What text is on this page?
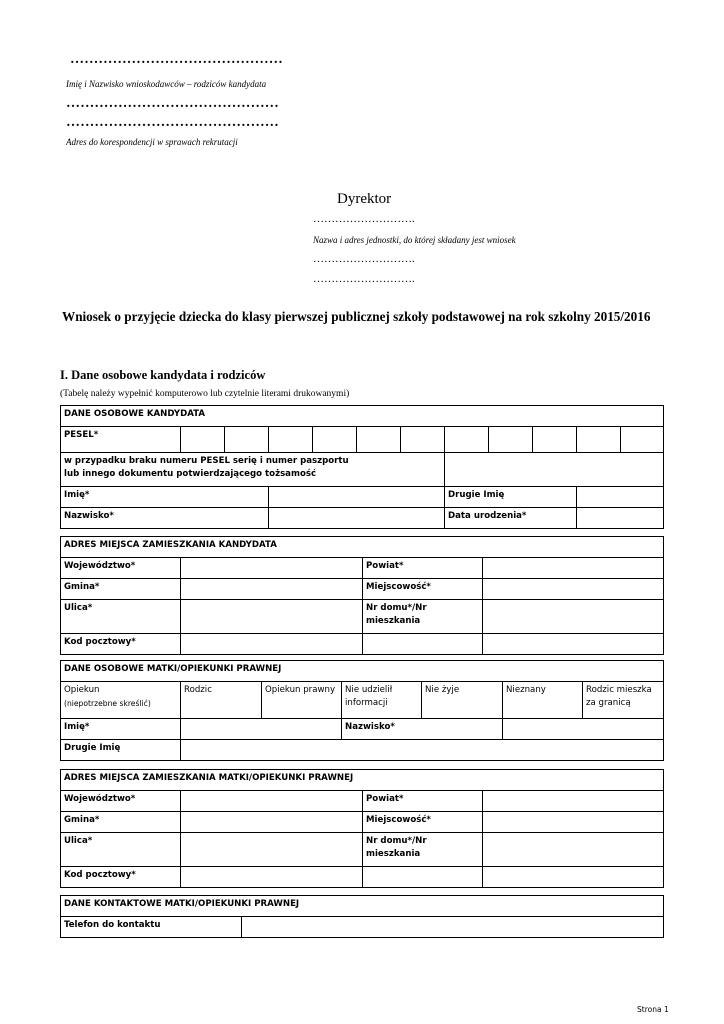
………………………………………
Imię i Nazwisko wnioskodawców – rodziców kandydata
………………………………………
………………………………………
Adres do korespondencji w sprawach rekrutacji
Dyrektor
……………………….
Nazwa i adres jednostki, do której składany jest wniosek
……………………….
……………………….
Wniosek o przyjęcie dziecka do klasy pierwszej publicznej szkoły podstawowej na rok szkolny 2015/2016
I. Dane osobowe kandydata i rodziców
(Tabelę należy wypełnić komputerowo lub czytelnie literami drukowanymi)
DANE OSOBOWE KANDYDATA											
PESEL*											
w przypadku braku numeru PESEL serię i numer paszportu
lub innego dokumentu potwierdzającego tożsamość											
Imię*							Drugie Imię				
Nazwisko*							Data urodzenia*				
ADRES MIEJSCA ZAMIESZKANIA KANDYDATA			
Województwo*		Powiat*	
Gmina*		Miejscowość*	
Ulica*		Nr domu*/Nr
mieszkania	
Kod pocztowy*			
DANE OSOBOWE MATKI/OPIEKUNKI PRAWNEJ						
Opiekun
(niepotrzebne skreślić)	Rodzic	Opiekun prawny	Nie udzielił informacji	Nie żyje	Nieznany	Rodzic mieszka za granicą
Imię*			Nazwisko*			
Drugie Imię						
ADRES MIEJSCA ZAMIESZKANIA MATKI/OPIEKUNKI PRAWNEJ			
Województwo*		Powiat*	
Gmina*		Miejscowość*	
Ulica*		Nr domu*/Nr
mieszkania	
Kod pocztowy*			
DANE KONTAKTOWE MATKI/OPIEKUNKI PRAWNEJ
Telefon do kontaktu	
Strona 1
